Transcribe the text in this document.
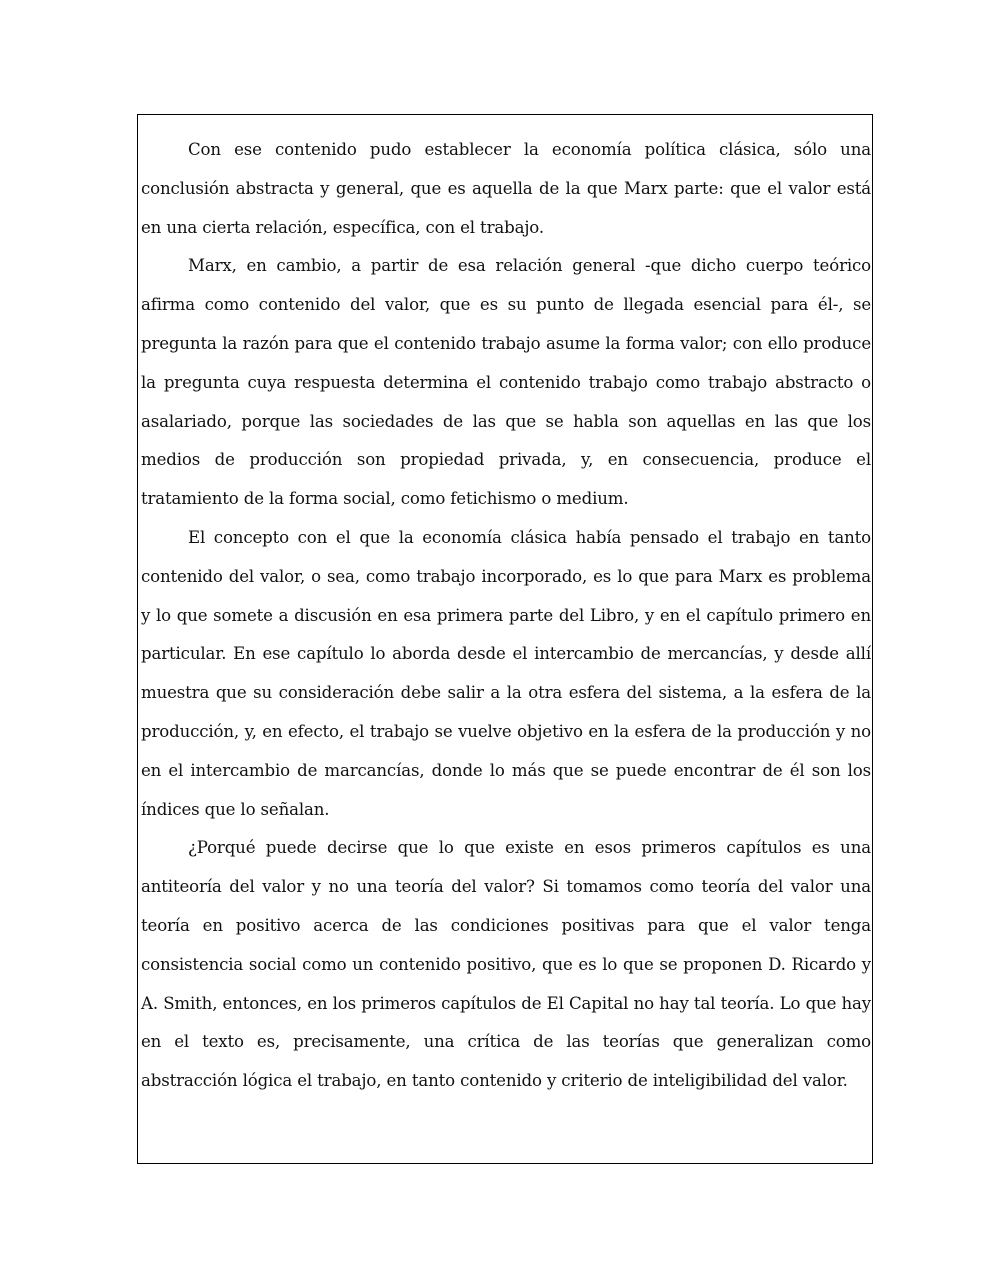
Con ese contenido pudo establecer la economía política clásica, sólo una conclusión abstracta y general, que es aquella de la que Marx parte: que el valor está en una cierta relación, específica, con el trabajo.

Marx, en cambio, a partir de esa relación general -que dicho cuerpo teórico afirma como contenido del valor, que es su punto de llegada esencial para él-, se pregunta la razón para que el contenido trabajo asume la forma valor; con ello produce la pregunta cuya respuesta determina el contenido trabajo como trabajo abstracto o asalariado, porque las sociedades de las que se habla son aquellas en las que los medios de producción son propiedad privada, y, en consecuencia, produce el tratamiento de la forma social, como fetichismo o medium.

El concepto con el que la economía clásica había pensado el trabajo en tanto contenido del valor, o sea, como trabajo incorporado, es lo que para Marx es problema y lo que somete a discusión en esa primera parte del Libro, y en el capítulo primero en particular. En ese capítulo lo aborda desde el intercambio de mercancías, y desde allí muestra que su consideración debe salir a la otra esfera del sistema, a la esfera de la producción, y, en efecto, el trabajo se vuelve objetivo en la esfera de la producción y no en el intercambio de marcancías, donde lo más que se puede encontrar de él son los índices que lo señalan.

¿Porqué puede decirse que lo que existe en esos primeros capítulos es una antiteoría del valor y no una teoría del valor? Si tomamos como teoría del valor una teoría en positivo acerca de las condiciones positivas para que el valor tenga consistencia social como un contenido positivo, que es lo que se proponen D. Ricardo y A. Smith, entonces, en los primeros capítulos de El Capital no hay tal teoría. Lo que hay en el texto es, precisamente, una crítica de las teorías que generalizan como abstracción lógica el trabajo, en tanto contenido y criterio de inteligibilidad del valor.
